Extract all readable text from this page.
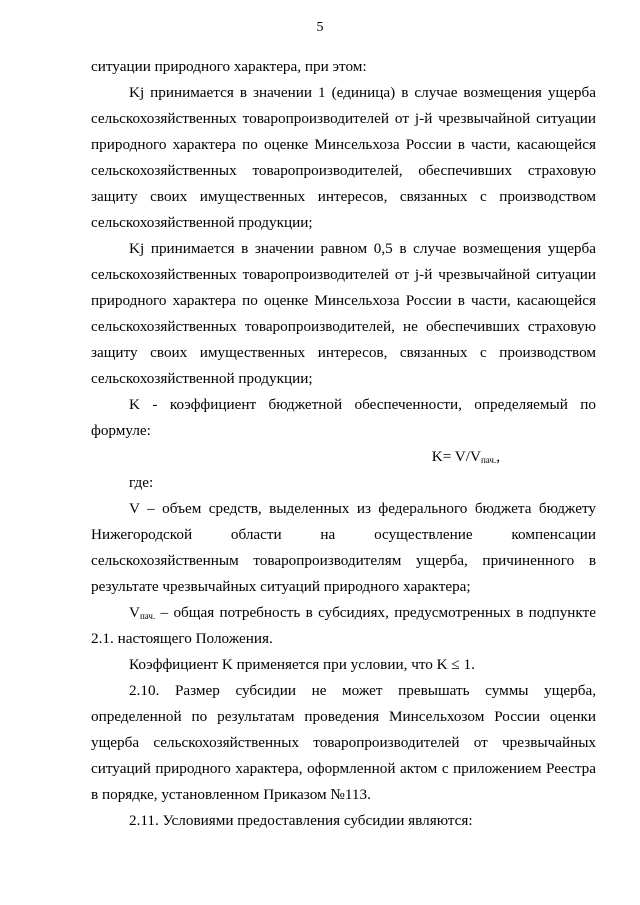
5

ситуации природного характера, при этом:

Kj принимается в значении 1 (единица) в случае возмещения ущерба сельскохозяйственных товаропроизводителей от j-й чрезвычайной ситуации природного характера по оценке Минсельхоза России в части, касающейся сельскохозяйственных товаропроизводителей, обеспечивших страховую защиту своих имущественных интересов, связанных с производством сельскохозяйственной продукции;

Kj принимается в значении равном 0,5 в случае возмещения ущерба сельскохозяйственных товаропроизводителей от j-й чрезвычайной ситуации природного характера по оценке Минсельхоза России в части, касающейся сельскохозяйственных товаропроизводителей, не обеспечивших страховую защиту своих имущественных интересов, связанных с производством сельскохозяйственной продукции;

K - коэффициент бюджетной обеспеченности, определяемый по формуле:

$K= V/V_{пач.}$,

где:

V – объем средств, выделенных из федерального бюджета бюджету Нижегородской области на осуществление компенсации сельскохозяйственным товаропроизводителям ущерба, причиненного в результате чрезвычайных ситуаций природного характера;

$V_{пач.}$ – общая потребность в субсидиях, предусмотренных в подпункте 2.1. настоящего Положения.

Коэффициент K применяется при условии, что K ≤ 1.

2.10. Размер субсидии не может превышать суммы ущерба, определенной по результатам проведения Минсельхозом России оценки ущерба сельскохозяйственных товаропроизводителей от чрезвычайных ситуаций природного характера, оформленной актом с приложением Реестра в порядке, установленном Приказом №113.

2.11. Условиями предоставления субсидии являются:
